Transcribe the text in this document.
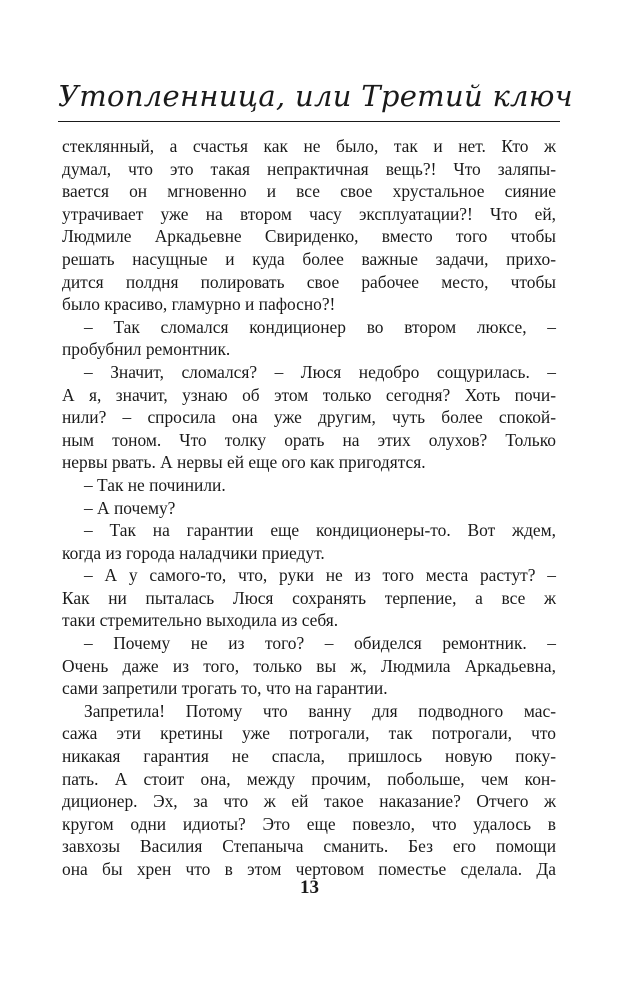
Утопленница, или Третий ключ
стеклянный, а счастья как не было, так и нет. Кто ж
думал, что это такая непрактичная вещь?! Что заляпы-
вается он мгновенно и все свое хрустальное сияние
утрачивает уже на втором часу эксплуатации?! Что ей,
Людмиле Аркадьевне Свириденко, вместо того чтобы
решать насущные и куда более важные задачи, прихо-
дится полдня полировать свое рабочее место, чтобы
было красиво, гламурно и пафосно?!
– Так сломался кондиционер во втором люксе, –
пробубнил ремонтник.
– Значит, сломался? – Люся недобро сощурилась. –
А я, значит, узнаю об этом только сегодня? Хоть почи-
нили? – спросила она уже другим, чуть более спокой-
ным тоном. Что толку орать на этих олухов? Только
нервы рвать. А нервы ей еще ого как пригодятся.
– Так не починили.
– А почему?
– Так на гарантии еще кондиционеры-то. Вот ждем,
когда из города наладчики приедут.
– А у самого-то, что, руки не из того места растут? –
Как ни пыталась Люся сохранять терпение, а все ж
таки стремительно выходила из себя.
– Почему не из того? – обиделся ремонтник. –
Очень даже из того, только вы ж, Людмила Аркадьевна,
сами запретили трогать то, что на гарантии.
Запретила! Потому что ванну для подводного мас-
сажа эти кретины уже потрогали, так потрогали, что
никакая гарантия не спасла, пришлось новую поку-
пать. А стоит она, между прочим, побольше, чем кон-
диционер. Эх, за что ж ей такое наказание? Отчего ж
кругом одни идиоты? Это еще повезло, что удалось в
завхозы Василия Степаныча сманить. Без его помощи
она бы хрен что в этом чертовом поместье сделала. Да
13
